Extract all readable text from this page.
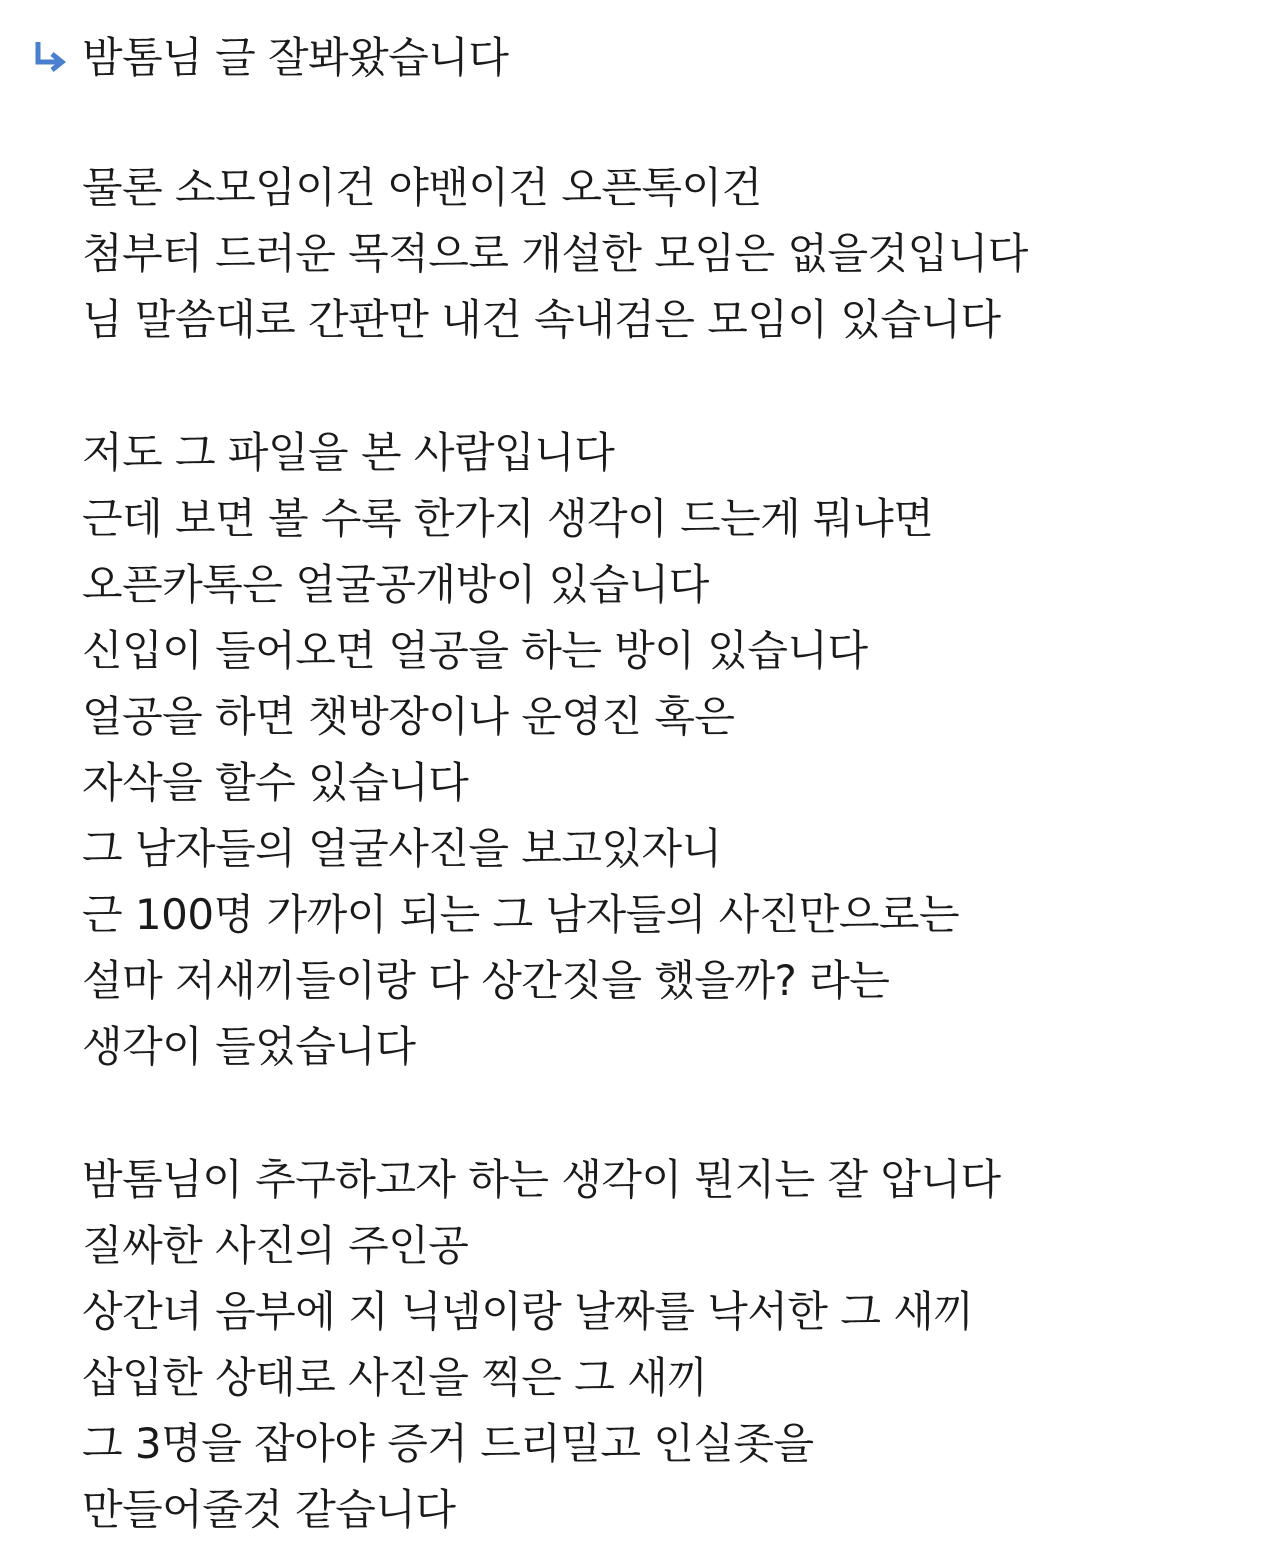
밤톰님 글 잘봐왔습니다
물론 소모임이건 야밴이건 오픈톡이건
첨부터 드러운 목적으로 개설한 모임은 없을것입니다
님 말씀대로 간판만 내건 속내검은 모임이 있습니다
저도 그 파일을 본 사람입니다
근데 보면 볼 수록 한가지 생각이 드는게 뭐냐면
오픈카톡은 얼굴공개방이 있습니다
신입이 들어오면 얼공을 하는 방이 있습니다
얼공을 하면 챗방장이나 운영진 혹은
자삭을 할수 있습니다
그 남자들의 얼굴사진을 보고있자니
근 100명 가까이 되는 그 남자들의 사진만으로는
설마 저새끼들이랑 다 상간짓을 했을까? 라는
생각이 들었습니다
밤톰님이 추구하고자 하는 생각이 뭔지는 잘 압니다
질싸한 사진의 주인공
상간녀 음부에 지 닉넴이랑 날짜를 낙서한 그 새끼
삽입한 상태로 사진을 찍은 그 새끼
그 3명을 잡아야 증거 드리밀고 인실좃을
만들어줄것 같습니다
